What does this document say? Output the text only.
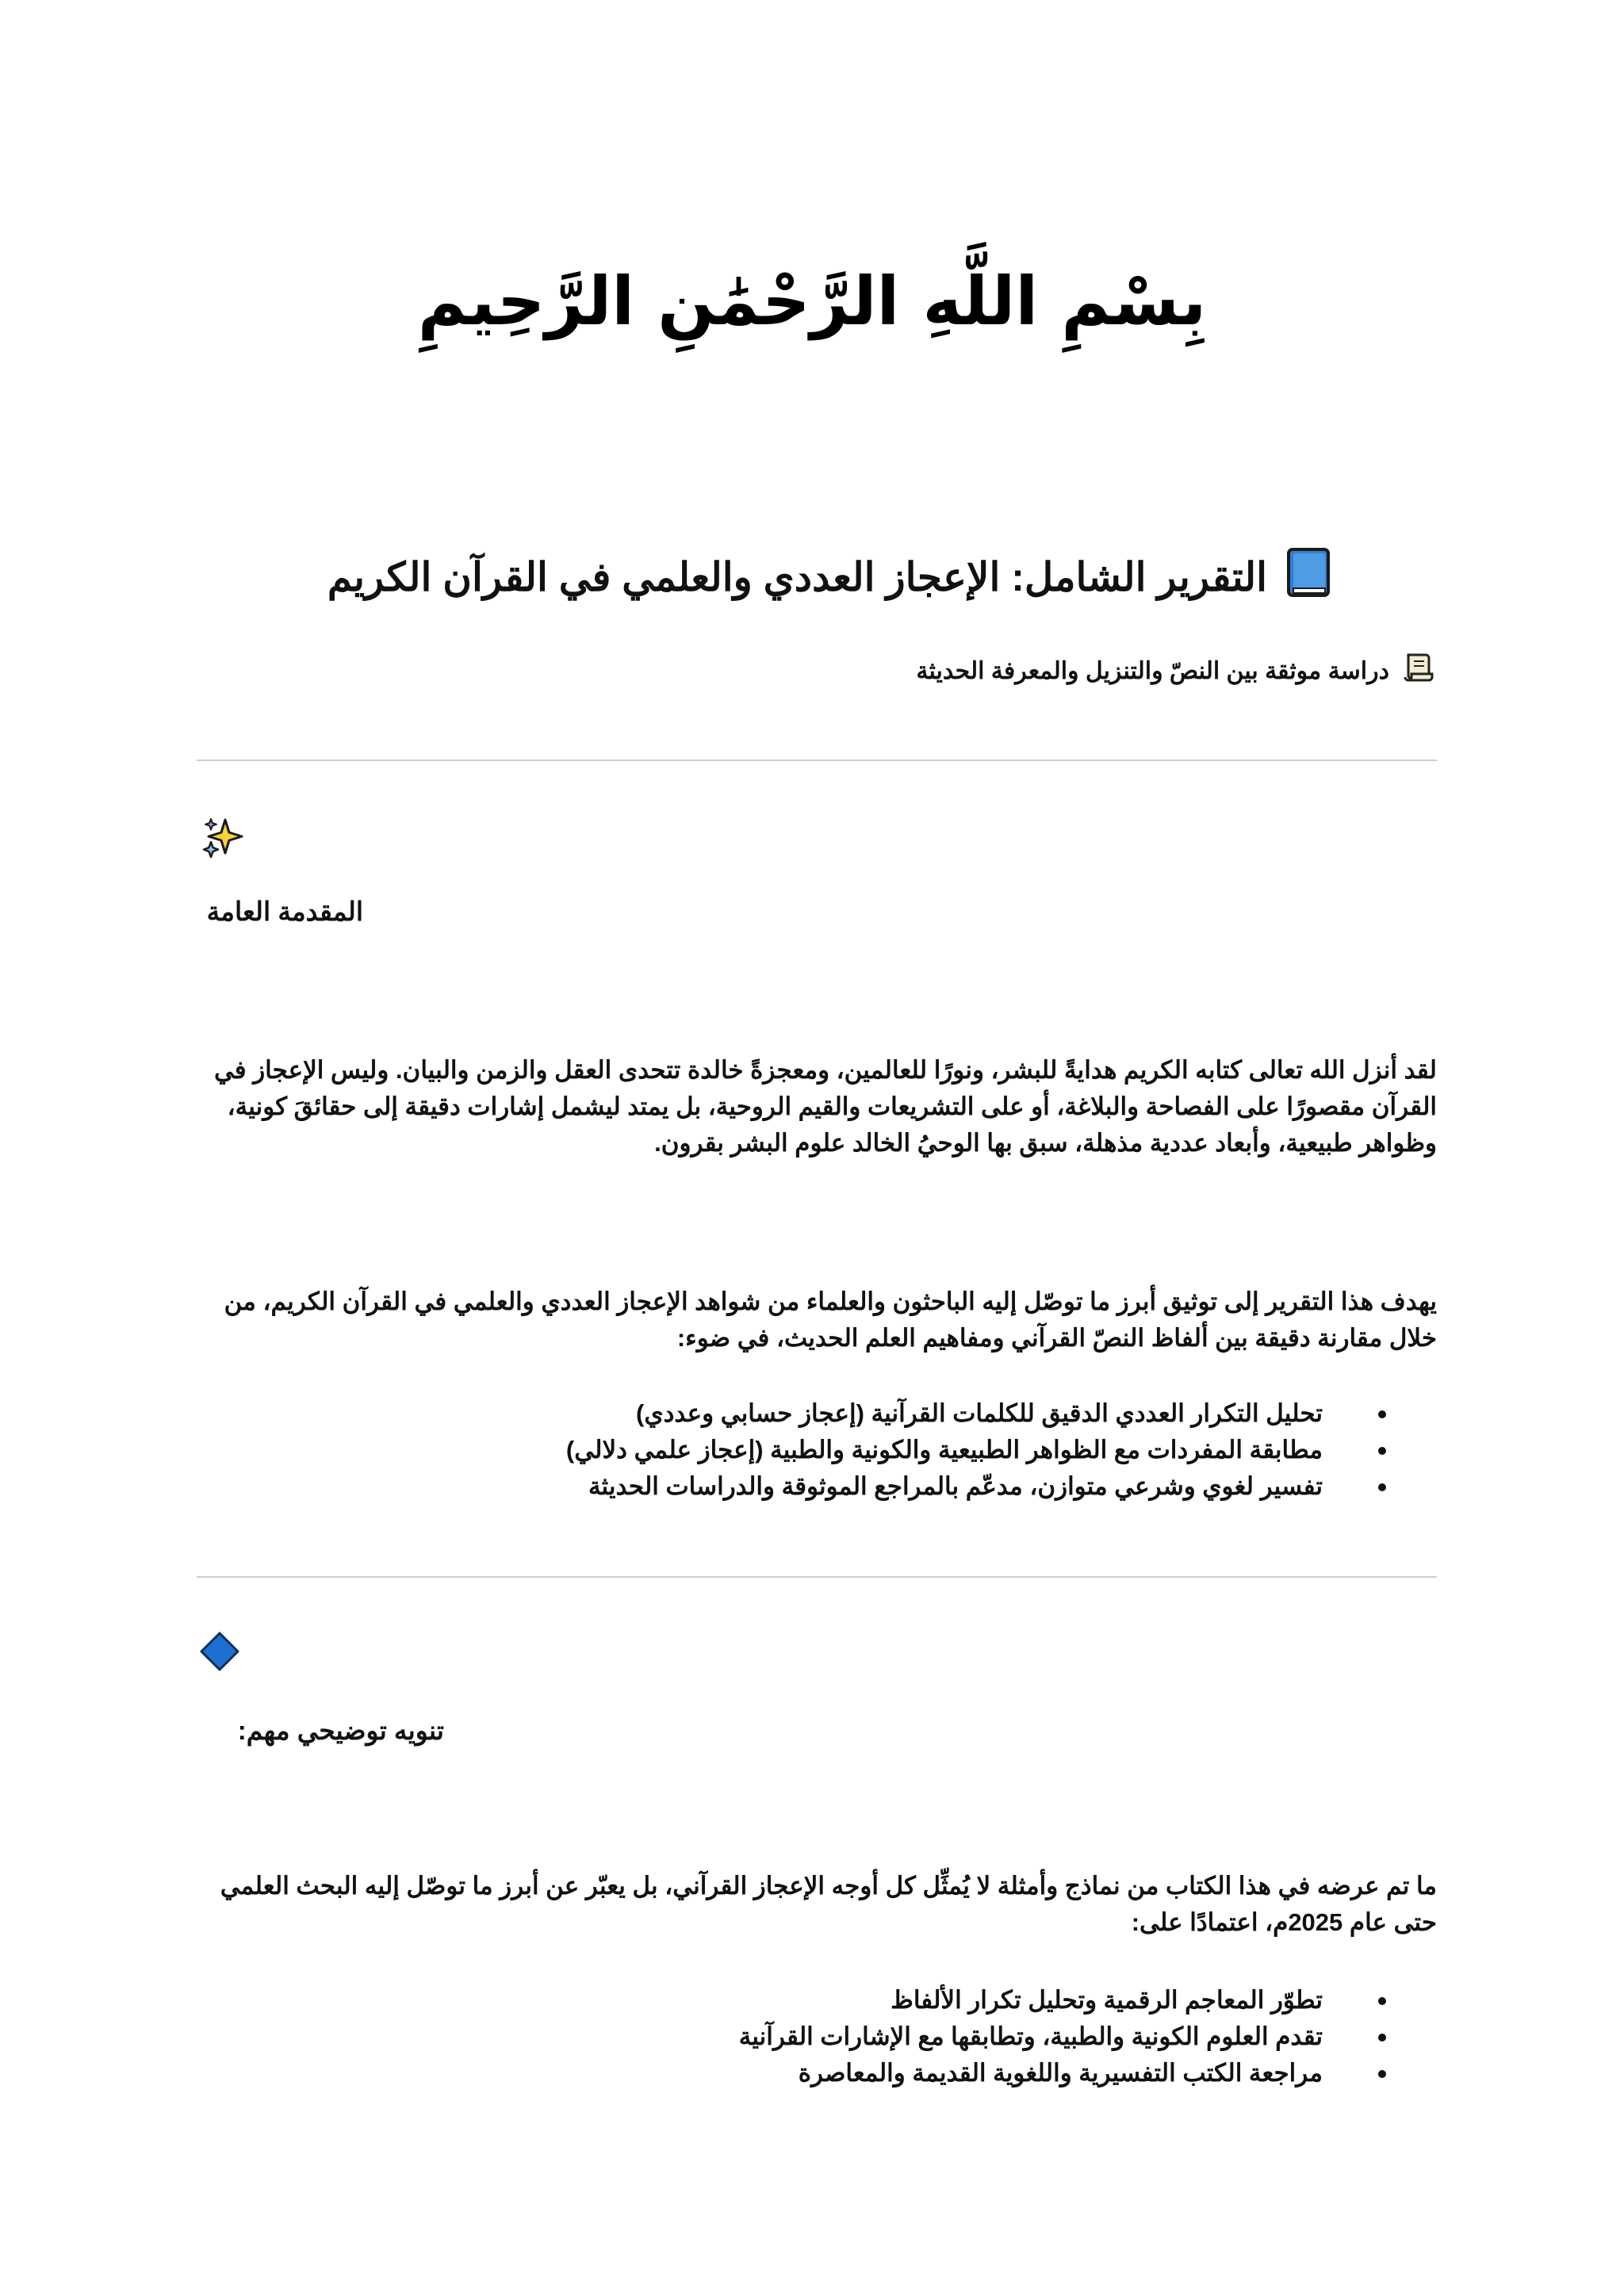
بِسْمِ اللَّهِ الرَّحْمَٰنِ الرَّحِيمِ
التقرير الشامل: الإعجاز العددي والعلمي في القرآن الكريم
دراسة موثقة بين النصّ والتنزيل والمعرفة الحديثة
المقدمة العامة
لقد أنزل الله تعالى كتابه الكريم هدايةً للبشر، ونورًا للعالمين، ومعجزةً خالدة تتحدى العقل والزمن والبيان. وليس الإعجاز في القرآن مقصورًا على الفصاحة والبلاغة، أو على التشريعات والقيم الروحية، بل يمتد ليشمل إشارات دقيقة إلى حقائقَ كونية، وظواهر طبيعية، وأبعاد عددية مذهلة، سبق بها الوحيُ الخالد علوم البشر بقرون.
يهدف هذا التقرير إلى توثيق أبرز ما توصّل إليه الباحثون والعلماء من شواهد الإعجاز العددي والعلمي في القرآن الكريم، من خلال مقارنة دقيقة بين ألفاظ النصّ القرآني ومفاهيم العلم الحديث، في ضوء:
تحليل التكرار العددي الدقيق للكلمات القرآنية (إعجاز حسابي وعددي)
مطابقة المفردات مع الظواهر الطبيعية والكونية والطبية (إعجاز علمي دلالي)
تفسير لغوي وشرعي متوازن، مدعّم بالمراجع الموثوقة والدراسات الحديثة
تنويه توضيحي مهم:
ما تم عرضه في هذا الكتاب من نماذج وأمثلة لا يُمثِّل كل أوجه الإعجاز القرآني، بل يعبّر عن أبرز ما توصّل إليه البحث العلمي حتى عام 2025م، اعتمادًا على:
تطوّر المعاجم الرقمية وتحليل تكرار الألفاظ
تقدم العلوم الكونية والطبية، وتطابقها مع الإشارات القرآنية
مراجعة الكتب التفسيرية واللغوية القديمة والمعاصرة
